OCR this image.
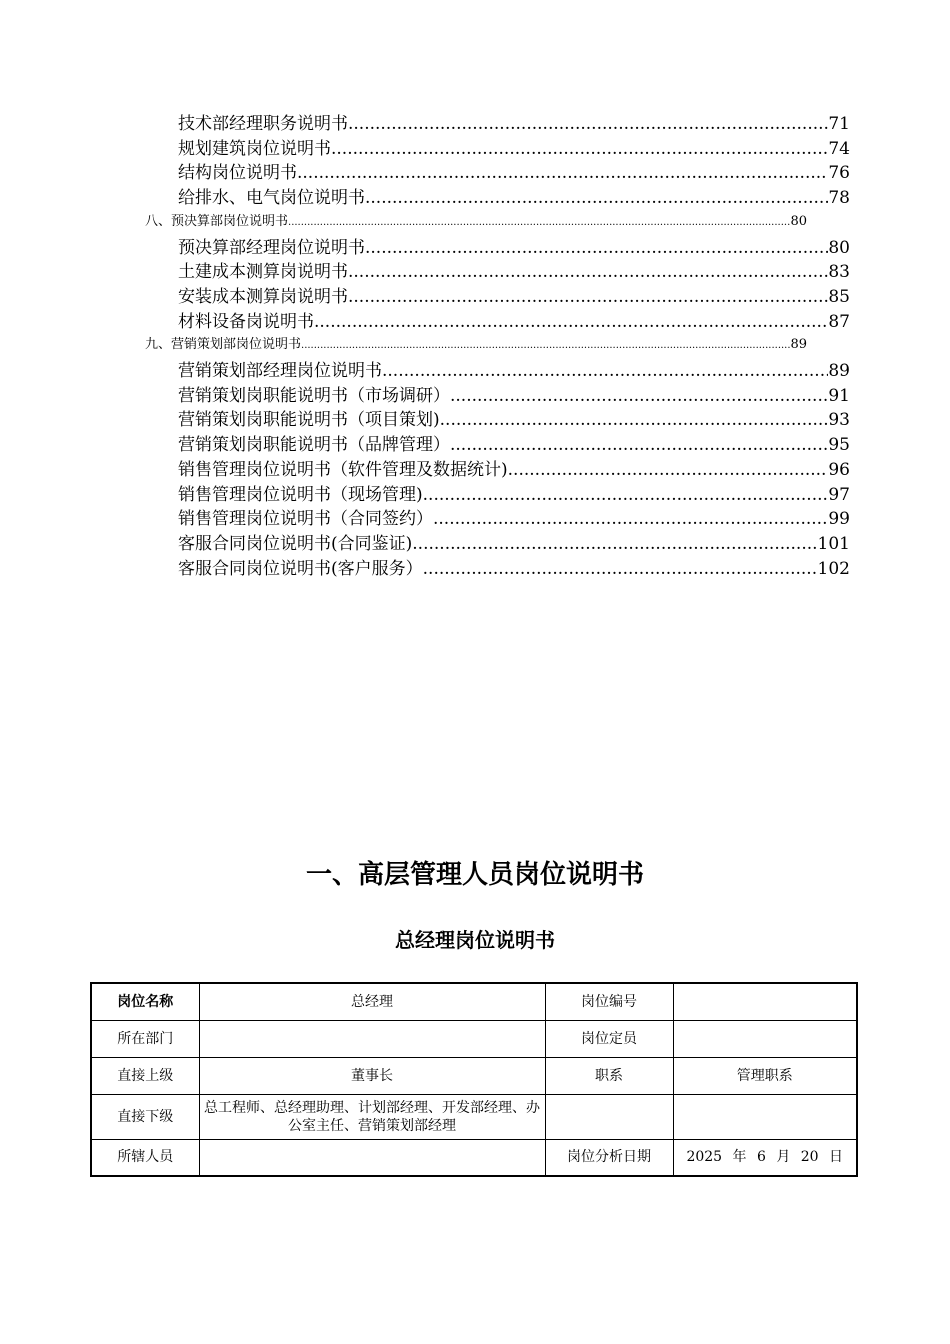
技术部经理职务说明书 .....	71
规划建筑岗位说明书 .....	74
结构岗位说明书 .....	76
给排水、电气岗位说明书 .....	78
八、预决算部岗位说明书 .....	80
预决算部经理岗位说明书 .....	80
土建成本测算岗说明书 .....	83
安装成本测算岗说明书 .....	85
材料设备岗说明书 .....	87
九、营销策划部岗位说明书 .....	89
营销策划部经理岗位说明书 .....	89
营销策划岗职能说明书（市场调研） .....	91
营销策划岗职能说明书（项目策划) .....	93
营销策划岗职能说明书（品牌管理） .....	95
销售管理岗位说明书（软件管理及数据统计) .....	96
销售管理岗位说明书（现场管理) .....	97
销售管理岗位说明书（合同签约） .....	99
客服合同岗位说明书(合同鉴证) .....	101
客服合同岗位说明书(客户服务） .....	102
一、高层管理人员岗位说明书
总经理岗位说明书
岗位名称	总经理	岗位编号	
所在部门		岗位定员	
直接上级	董事长	职系	管理职系
直接下级	总工程师、总经理助理、计划部经理、开发部经理、办公室主任、营销策划部经理		
所辖人员		岗位分析日期	2025 年 6 月 20 日
